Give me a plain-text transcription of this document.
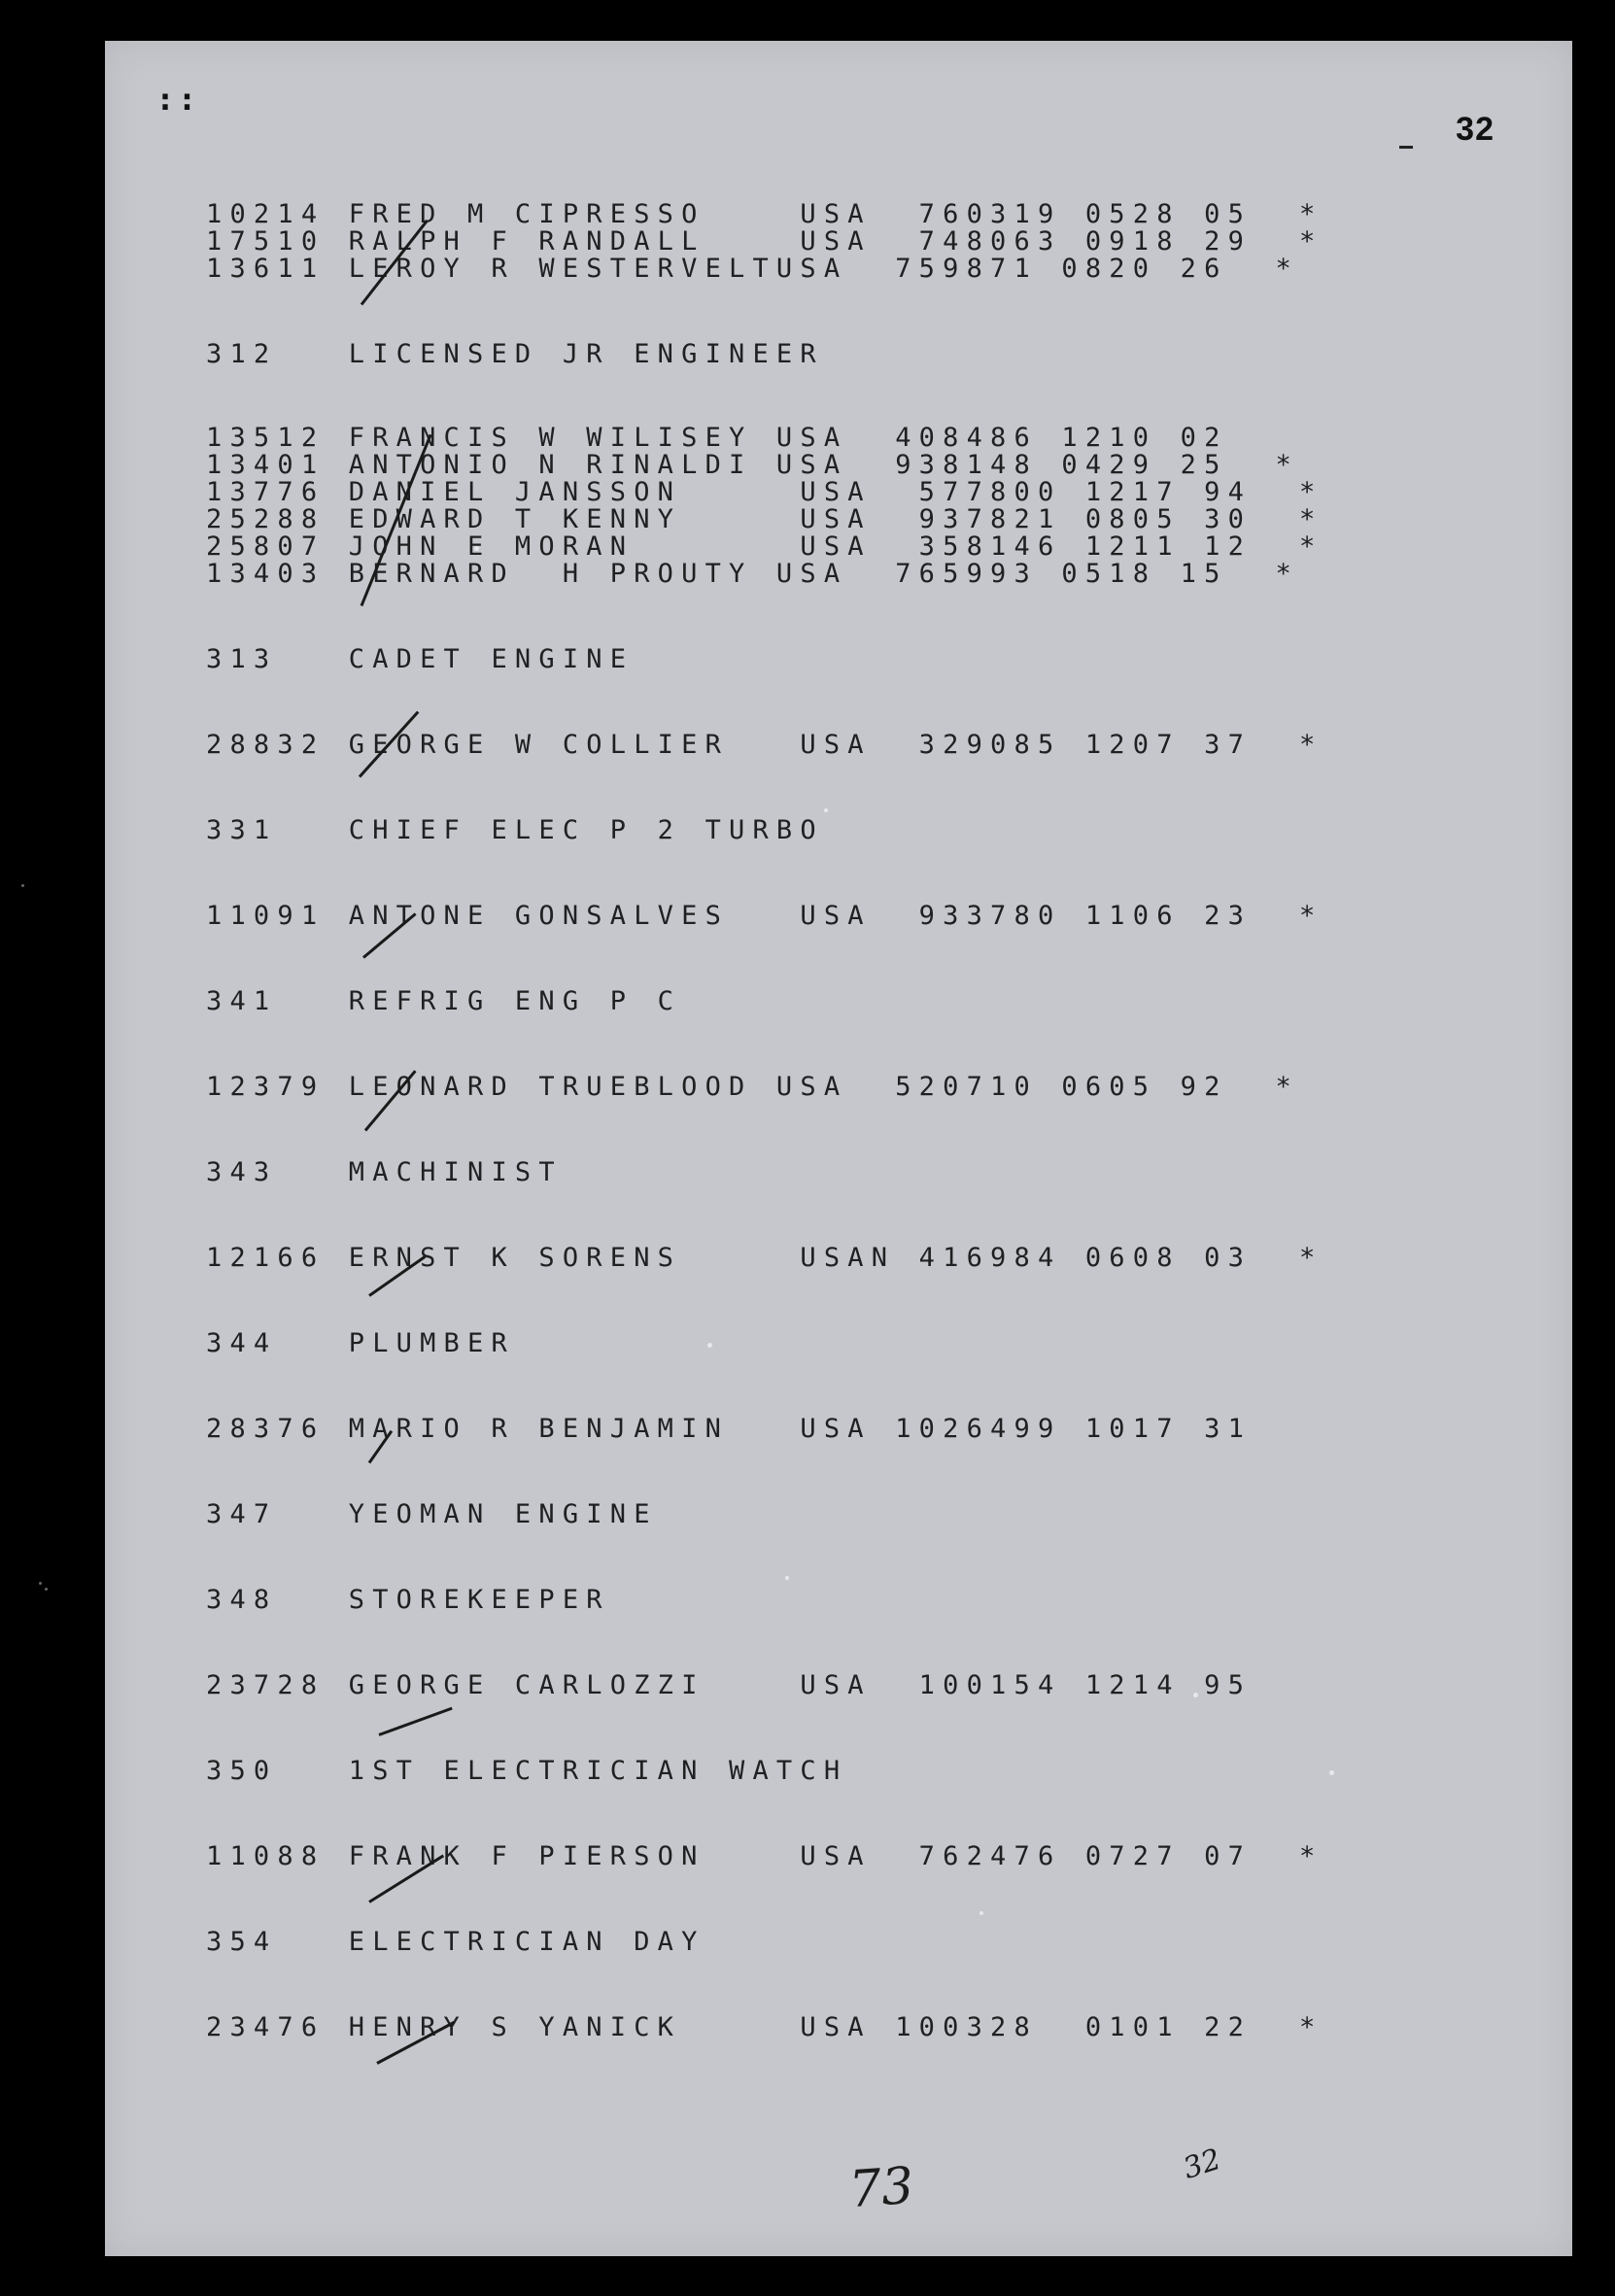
: :
32
10214 FRED M CIPRESSO    USA  760319 0528 05  *
17510 RALPH F RANDALL    USA  748063 0918 29  *
13611 LEROY R WESTERVELTUSA  759871 0820 26  *
312   LICENSED JR ENGINEER
13512 FRANCIS W WILISEY USA  408486 1210 02
13401 ANTONIO N RINALDI USA  938148 0429 25  *
13776 DANIEL JANSSON     USA  577800 1217 94  *
25288 EDWARD T KENNY     USA  937821 0805 30  *
25807 JOHN E MORAN       USA  358146 1211 12  *
13403 BERNARD  H PROUTY USA  765993 0518 15  *
313   CADET ENGINE
28832 GEORGE W COLLIER   USA  329085 1207 37  *
331   CHIEF ELEC P 2 TURBO
11091 ANTONE GONSALVES   USA  933780 1106 23  *
341   REFRIG ENG P C
12379 LEONARD TRUEBLOOD USA  520710 0605 92  *
343   MACHINIST
12166 ERNST K SORENS     USAN 416984 0608 03  *
344   PLUMBER
28376 MARIO R BENJAMIN   USA 1026499 1017 31
347   YEOMAN ENGINE
348   STOREKEEPER
23728 GEORGE CARLOZZI    USA  100154 1214 95
350   1ST ELECTRICIAN WATCH
11088 FRANK F PIERSON    USA  762476 0727 07  *
354   ELECTRICIAN DAY
23476 HENRY S YANICK     USA 100328  0101 22  *
73	32
